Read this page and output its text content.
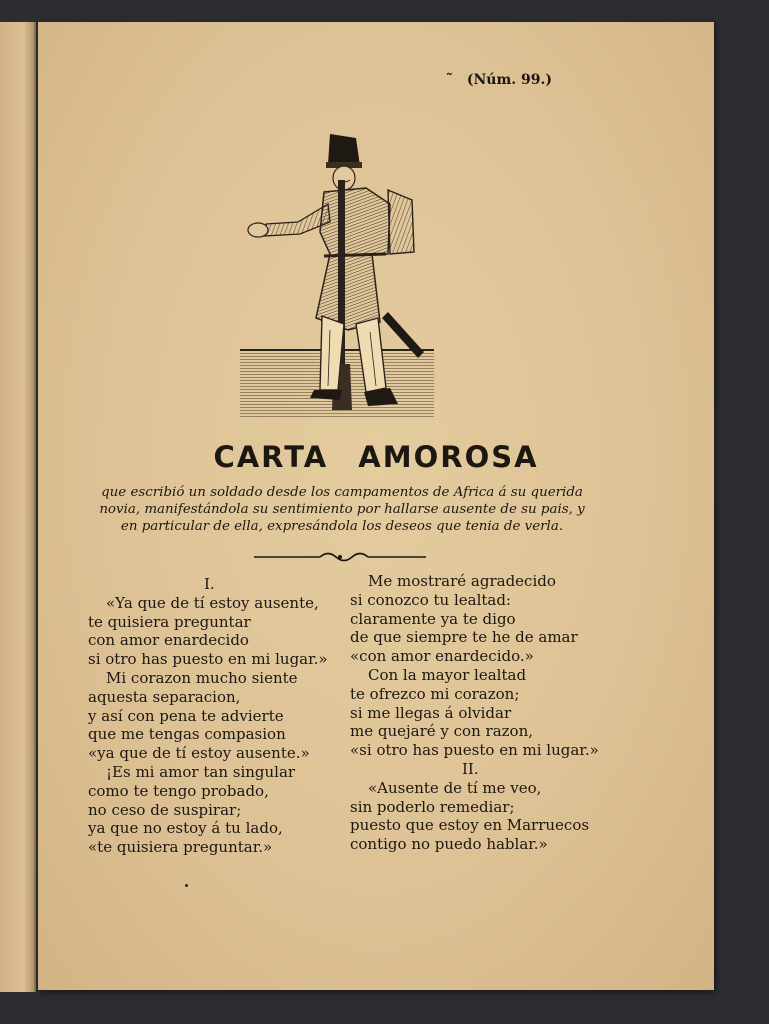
˜ (Núm. 99.)
CARTA AMOROSA
que escribió un soldado desde los campamentos de Africa á su querida
novia, manifestándola su sentimiento por hallarse ausente de su pais, y
en particular de ella, expresándola los deseos que tenia de verla.
I.
«Ya que de tí estoy ausente,
te quisiera preguntar
con amor enardecido
si otro has puesto en mi lugar.»
Mi corazon mucho siente
aquesta separacion,
y así con pena te advierte
que me tengas compasion
«ya que de tí estoy ausente.»
¡Es mi amor tan singular
como te tengo probado,
no ceso de suspirar;
ya que no estoy á tu lado,
«te quisiera preguntar.»
Me mostraré agradecido
si conozco tu lealtad:
claramente ya te digo
de que siempre te he de amar
«con amor enardecido.»
Con la mayor lealtad
te ofrezco mi corazon;
si me llegas á olvidar
me quejaré y con razon,
«si otro has puesto en mi lugar.»
II.
«Ausente de tí me veo,
sin poderlo remediar;
puesto que estoy en Marruecos
contigo no puedo hablar.»
